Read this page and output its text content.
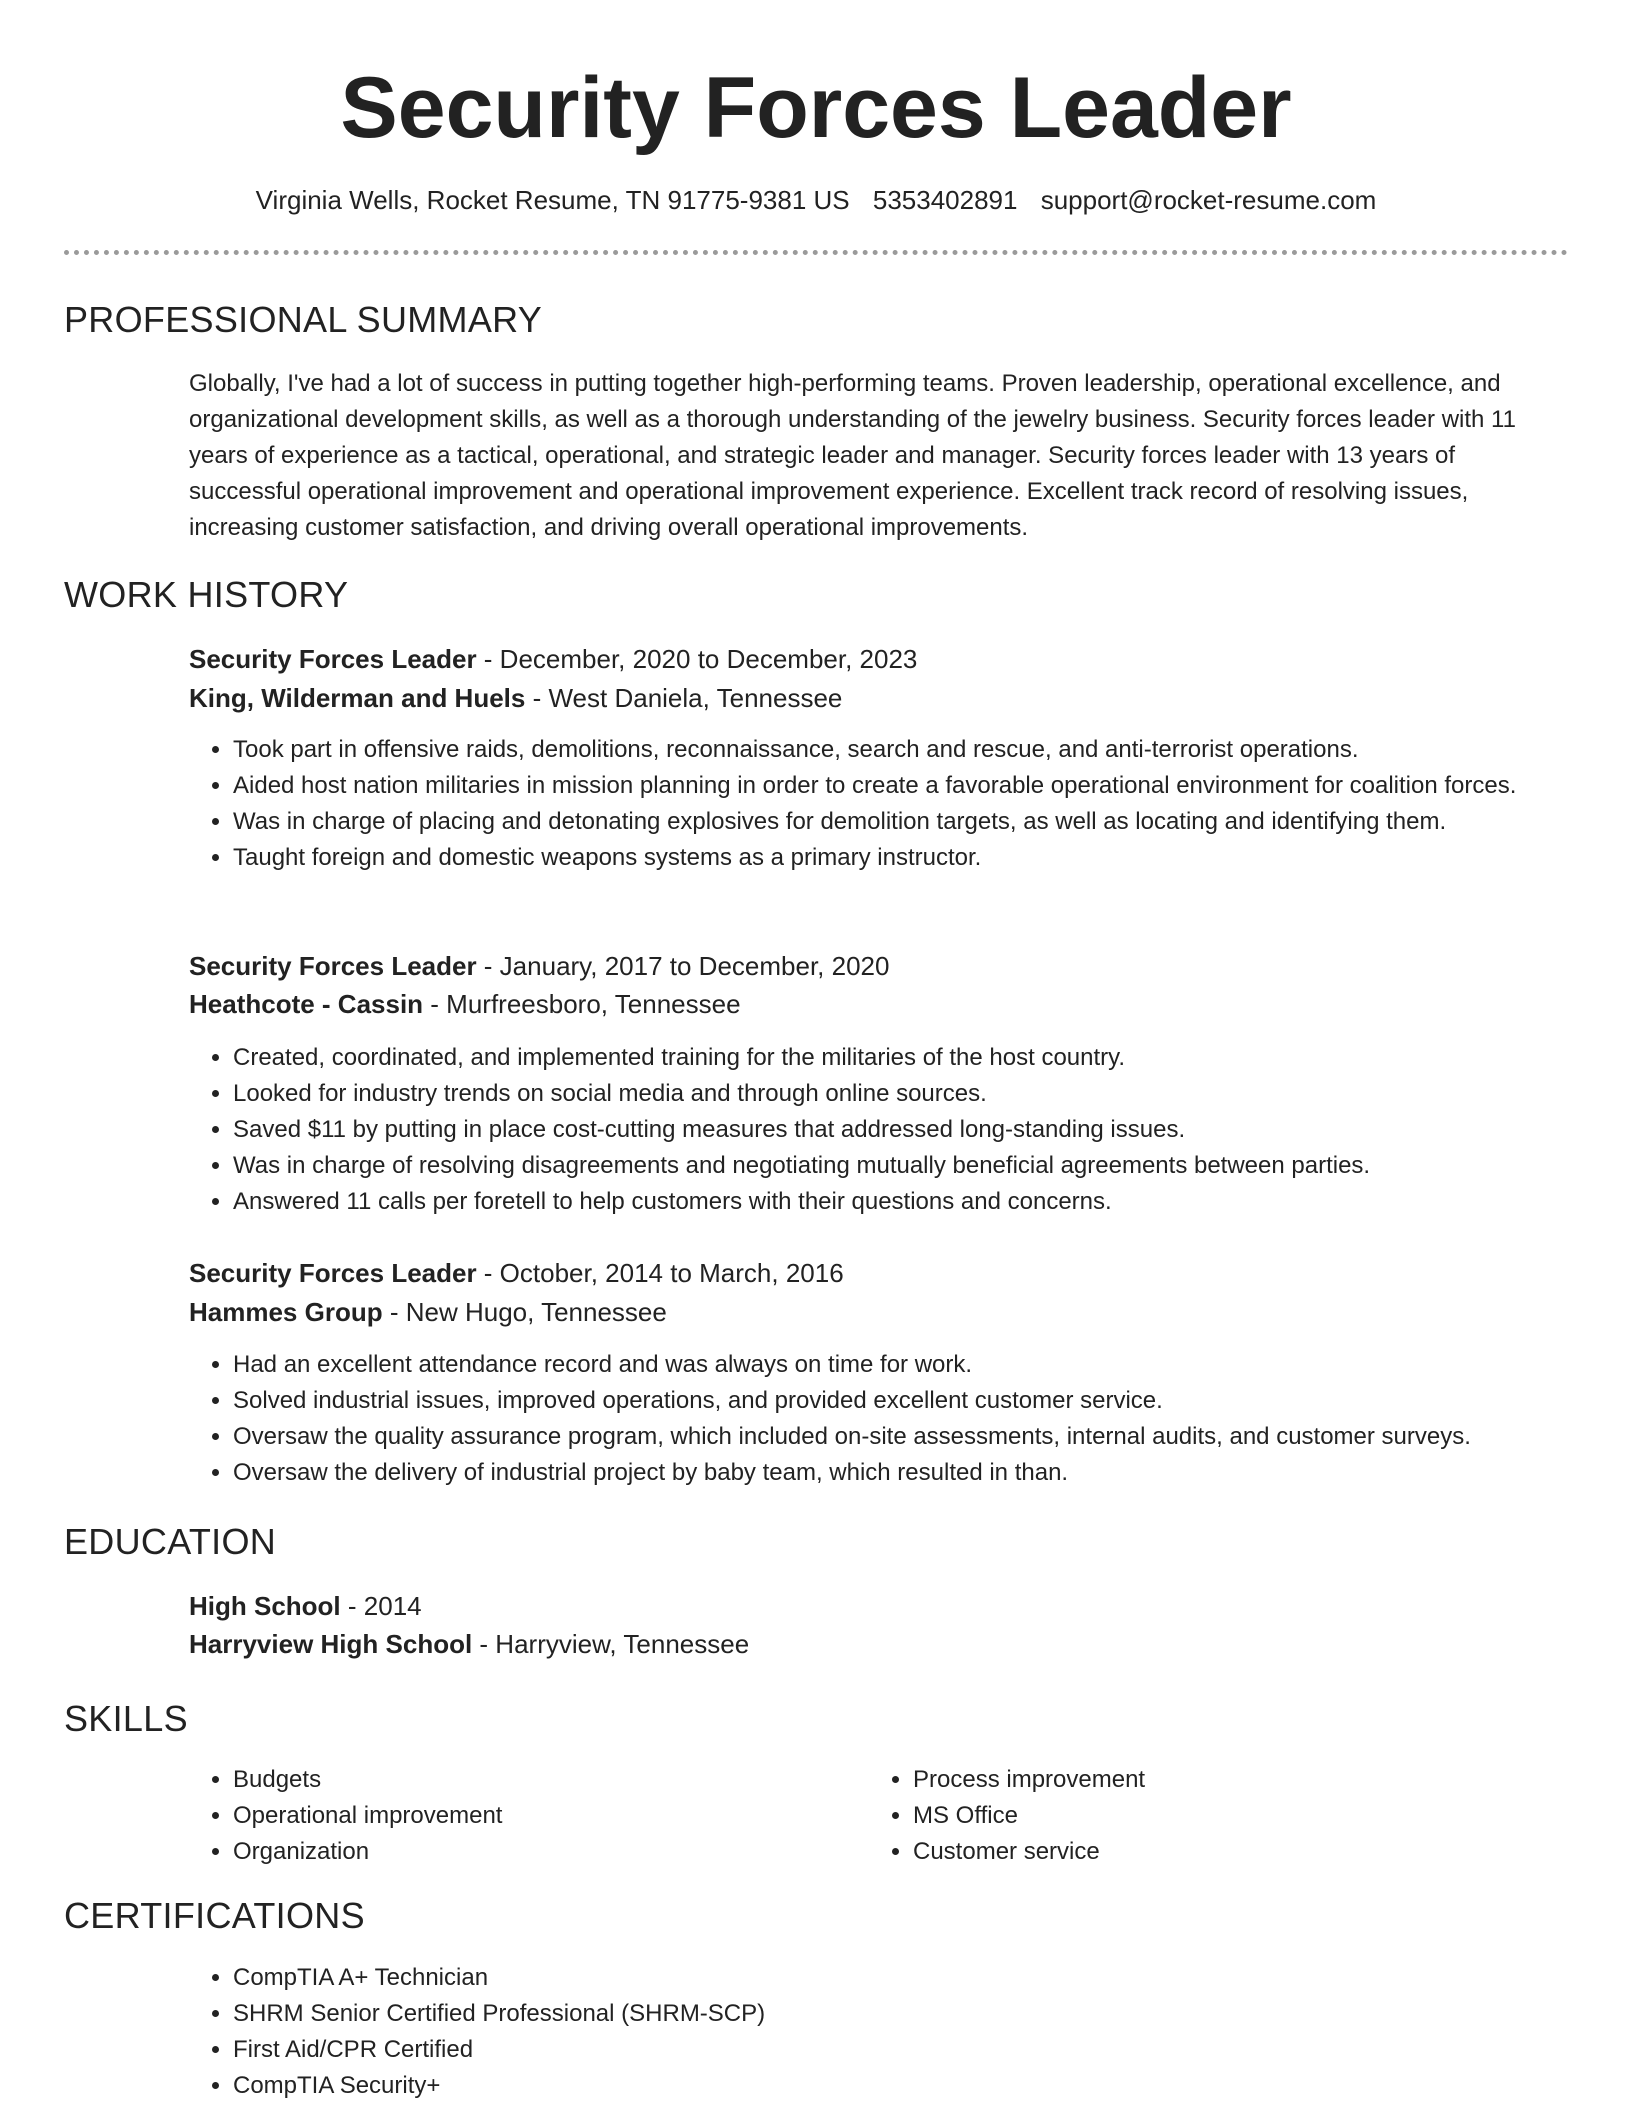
Security Forces Leader
Virginia Wells, Rocket Resume, TN 91775-9381 US 5353402891 support@rocket-resume.com
PROFESSIONAL SUMMARY

Globally, I've had a lot of success in putting together high-performing teams. Proven leadership, operational excellence, and organizational development skills, as well as a thorough understanding of the jewelry business. Security forces leader with 11 years of experience as a tactical, operational, and strategic leader and manager. Security forces leader with 13 years of successful operational improvement and operational improvement experience. Excellent track record of resolving issues, increasing customer satisfaction, and driving overall operational improvements.

WORK HISTORY
Security Forces Leader - December, 2020 to December, 2023
King, Wilderman and Huels - West Daniela, Tennessee
• Took part in offensive raids, demolitions, reconnaissance, search and rescue, and anti-terrorist operations.
• Aided host nation militaries in mission planning in order to create a favorable operational environment for coalition forces.
• Was in charge of placing and detonating explosives for demolition targets, as well as locating and identifying them.
• Taught foreign and domestic weapons systems as a primary instructor.
Security Forces Leader - January, 2017 to December, 2020
Heathcote - Cassin - Murfreesboro, Tennessee
• Created, coordinated, and implemented training for the militaries of the host country.
• Looked for industry trends on social media and through online sources.
• Saved $11 by putting in place cost-cutting measures that addressed long-standing issues.
• Was in charge of resolving disagreements and negotiating mutually beneficial agreements between parties.
• Answered 11 calls per foretell to help customers with their questions and concerns.
Security Forces Leader - October, 2014 to March, 2016
Hammes Group - New Hugo, Tennessee
• Had an excellent attendance record and was always on time for work.
• Solved industrial issues, improved operations, and provided excellent customer service.
• Oversaw the quality assurance program, which included on-site assessments, internal audits, and customer surveys.
• Oversaw the delivery of industrial project by baby team, which resulted in than.
EDUCATION
High School - 2014
Harryview High School - Harryview, Tennessee
SKILLS
• Budgets
• Operational improvement
• Organization
• Process improvement
• MS Office
• Customer service
CERTIFICATIONS
• CompTIA A+ Technician
• SHRM Senior Certified Professional (SHRM-SCP)
• First Aid/CPR Certified
• CompTIA Security+
